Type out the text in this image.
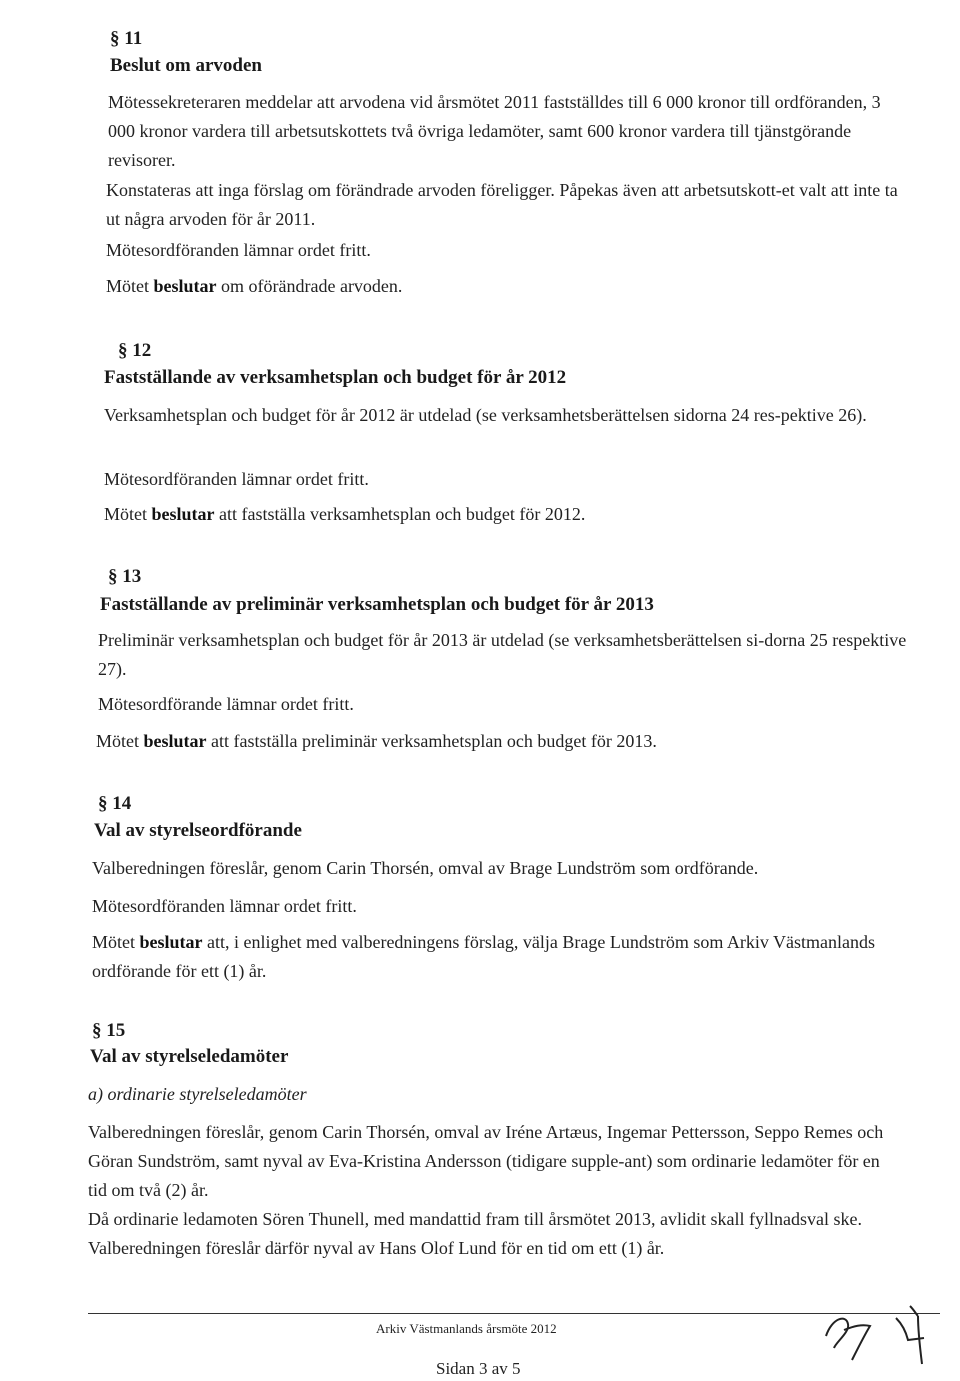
§ 11
Beslut om arvoden
Mötessekreteraren meddelar att arvodena vid årsmötet 2011 fastställdes till 6 000 kronor till ordföranden, 3 000 kronor vardera till arbetsutskottets två övriga ledamöter, samt 600 kronor vardera till tjänstgörande revisorer.
Konstateras att inga förslag om förändrade arvoden föreligger. Påpekas även att arbetsutskott-et valt att inte ta ut några arvoden för år 2011.
Mötesordföranden lämnar ordet fritt.
Mötet beslutar om oförändrade arvoden.
§ 12
Fastställande av verksamhetsplan och budget för år 2012
Verksamhetsplan och budget för år 2012 är utdelad (se verksamhetsberättelsen sidorna 24 res-pektive 26).
Mötesordföranden lämnar ordet fritt.
Mötet beslutar att fastställa verksamhetsplan och budget för 2012.
§ 13
Fastställande av preliminär verksamhetsplan och budget för år 2013
Preliminär verksamhetsplan och budget för år 2013 är utdelad (se verksamhetsberättelsen si-dorna 25 respektive 27).
Mötesordförande lämnar ordet fritt.
Mötet beslutar att fastställa preliminär verksamhetsplan och budget för 2013.
§ 14
Val av styrelseordförande
Valberedningen föreslår, genom Carin Thorsén, omval av Brage Lundström som ordförande.
Mötesordföranden lämnar ordet fritt.
Mötet beslutar att, i enlighet med valberedningens förslag, välja Brage Lundström som Arkiv Västmanlands ordförande för ett (1) år.
§ 15
Val av styrelseledamöter
a) ordinarie styrelseledamöter
Valberedningen föreslår, genom Carin Thorsén, omval av Iréne Artæus, Ingemar Pettersson, Seppo Remes och Göran Sundström, samt nyval av Eva-Kristina Andersson (tidigare supple-ant) som ordinarie ledamöter för en tid om två (2) år.
Då ordinarie ledamoten Sören Thunell, med mandattid fram till årsmötet 2013, avlidit skall fyllnadsval ske. Valberedningen föreslår därför nyval av Hans Olof Lund för en tid om ett (1) år.
Arkiv Västmanlands årsmöte 2012
Sidan 3 av 5
